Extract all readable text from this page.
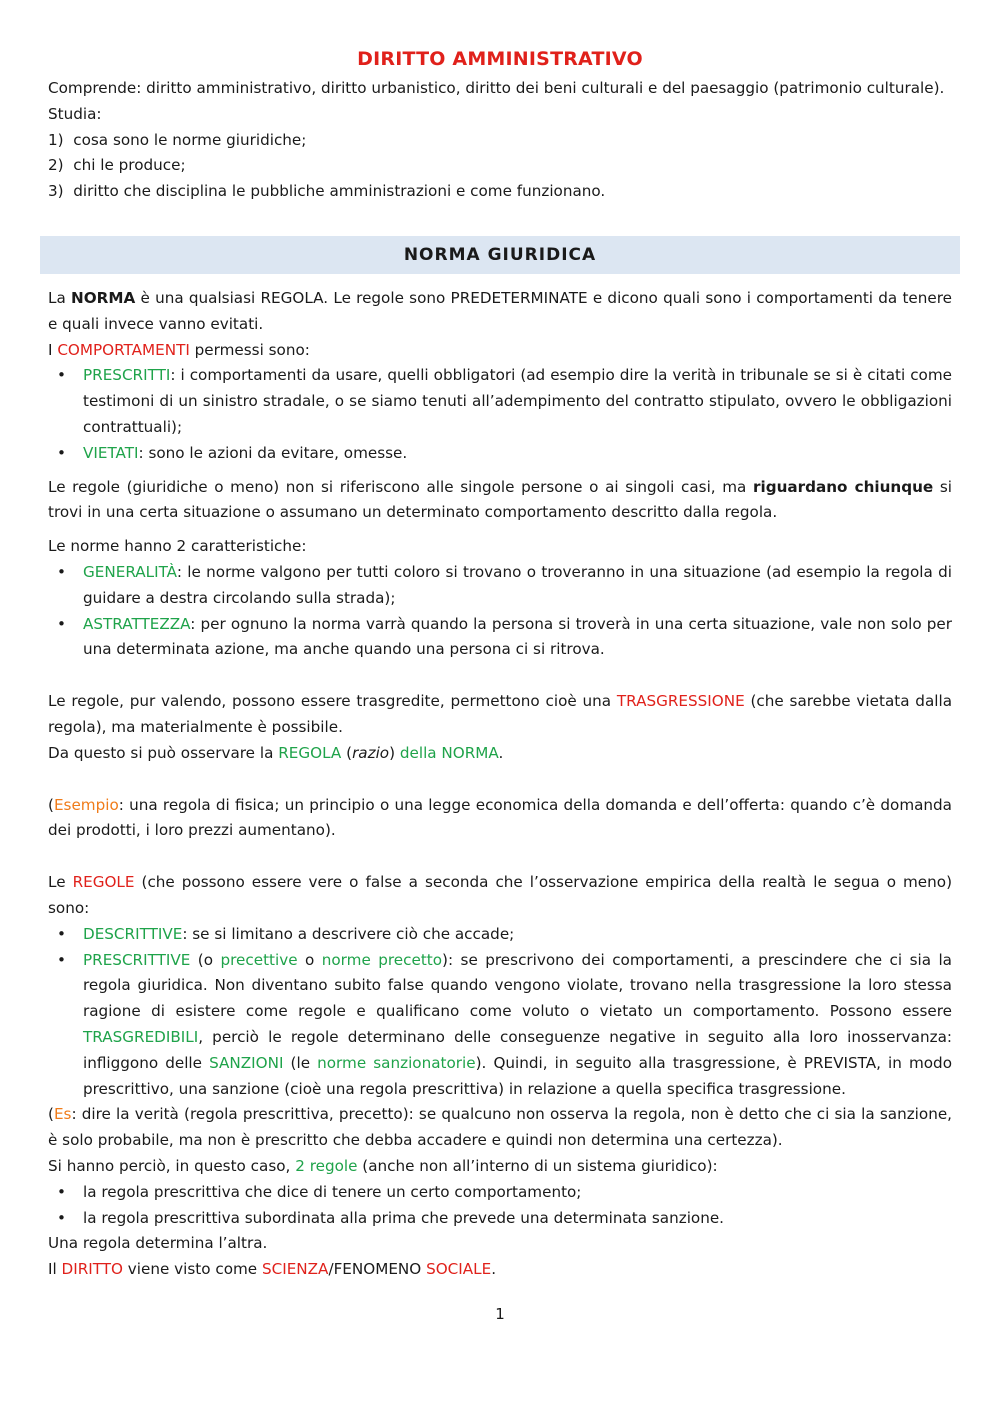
DIRITTO AMMINISTRATIVO

Comprende: diritto amministrativo, diritto urbanistico, diritto dei beni culturali e del paesaggio (patrimonio culturale).

Studia:

1) cosa sono le norme giuridiche;
2) chi le produce;
3) diritto che disciplina le pubbliche amministrazioni e come funzionano.
NORMA GIURIDICA

La NORMA è una qualsiasi REGOLA. Le regole sono PREDETERMINATE e dicono quali sono i comportamenti da tenere e quali invece vanno evitati.

I COMPORTAMENTI permessi sono:

• PRESCRITTI: i comportamenti da usare, quelli obbligatori (ad esempio dire la verità in tribunale se si è citati come testimoni di un sinistro stradale, o se siamo tenuti all’adempimento del contratto stipulato, ovvero le obbligazioni contrattuali);
• VIETATI: sono le azioni da evitare, omesse.

Le regole (giuridiche o meno) non si riferiscono alle singole persone o ai singoli casi, ma riguardano chiunque si trovi in una certa situazione o assumano un determinato comportamento descritto dalla regola.

Le norme hanno 2 caratteristiche:

• GENERALITÀ: le norme valgono per tutti coloro si trovano o troveranno in una situazione (ad esempio la regola di guidare a destra circolando sulla strada);
• ASTRATTEZZA: per ognuno la norma varrà quando la persona si troverà in una certa situazione, vale non solo per una determinata azione, ma anche quando una persona ci si ritrova.

Le regole, pur valendo, possono essere trasgredite, permettono cioè una TRASGRESSIONE (che sarebbe vietata dalla regola), ma materialmente è possibile.

Da questo si può osservare la REGOLA (razio) della NORMA.

(Esempio: una regola di fisica; un principio o una legge economica della domanda e dell’offerta: quando c’è domanda dei prodotti, i loro prezzi aumentano).

Le REGOLE (che possono essere vere o false a seconda che l’osservazione empirica della realtà le segua o meno) sono:

• DESCRITTIVE: se si limitano a descrivere ciò che accade;
• PRESCRITTIVE (o precettive o norme precetto): se prescrivono dei comportamenti, a prescindere che ci sia la regola giuridica. Non diventano subito false quando vengono violate, trovano nella trasgressione la loro stessa ragione di esistere come regole e qualificano come voluto o vietato un comportamento. Possono essere TRASGREDIBILI, perciò le regole determinano delle conseguenze negative in seguito alla loro inosservanza: infliggono delle SANZIONI (le norme sanzionatorie). Quindi, in seguito alla trasgressione, è PREVISTA, in modo prescrittivo, una sanzione (cioè una regola prescrittiva) in relazione a quella specifica trasgressione.

(Es: dire la verità (regola prescrittiva, precetto): se qualcuno non osserva la regola, non è detto che ci sia la sanzione, è solo probabile, ma non è prescritto che debba accadere e quindi non determina una certezza).

Si hanno perciò, in questo caso, 2 regole (anche non all’interno di un sistema giuridico):

• la regola prescrittiva che dice di tenere un certo comportamento;
• la regola prescrittiva subordinata alla prima che prevede una determinata sanzione.

Una regola determina l’altra.

Il DIRITTO viene visto come SCIENZA/FENOMENO SOCIALE.

1
